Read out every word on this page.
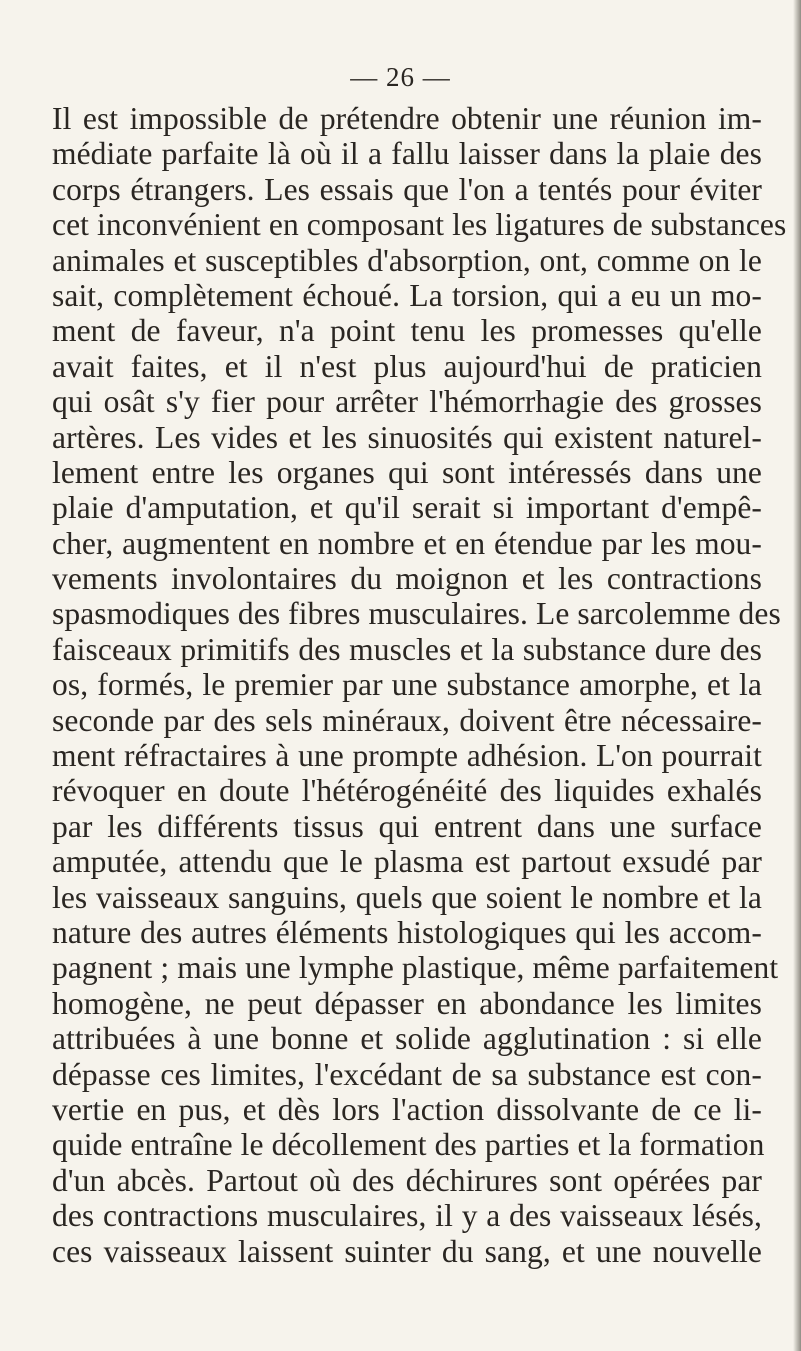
— 26 —
Il est impossible de prétendre obtenir une réunion im-
médiate parfaite là où il a fallu laisser dans la plaie des
corps étrangers. Les essais que l'on a tentés pour éviter
cet inconvénient en composant les ligatures de substances
animales et susceptibles d'absorption, ont, comme on le
sait, complètement échoué. La torsion, qui a eu un mo-
ment de faveur, n'a point tenu les promesses qu'elle
avait faites, et il n'est plus aujourd'hui de praticien
qui osât s'y fier pour arrêter l'hémorrhagie des grosses
artères. Les vides et les sinuosités qui existent naturel-
lement entre les organes qui sont intéressés dans une
plaie d'amputation, et qu'il serait si important d'empê-
cher, augmentent en nombre et en étendue par les mou-
vements involontaires du moignon et les contractions
spasmodiques des fibres musculaires. Le sarcolemme des
faisceaux primitifs des muscles et la substance dure des
os, formés, le premier par une substance amorphe, et la
seconde par des sels minéraux, doivent être nécessaire-
ment réfractaires à une prompte adhésion. L'on pourrait
révoquer en doute l'hétérogénéité des liquides exhalés
par les différents tissus qui entrent dans une surface
amputée, attendu que le plasma est partout exsudé par
les vaisseaux sanguins, quels que soient le nombre et la
nature des autres éléments histologiques qui les accom-
pagnent ; mais une lymphe plastique, même parfaitement
homogène, ne peut dépasser en abondance les limites
attribuées à une bonne et solide agglutination : si elle
dépasse ces limites, l'excédant de sa substance est con-
vertie en pus, et dès lors l'action dissolvante de ce li-
quide entraîne le décollement des parties et la formation
d'un abcès. Partout où des déchirures sont opérées par
des contractions musculaires, il y a des vaisseaux lésés,
ces vaisseaux laissent suinter du sang, et une nouvelle
